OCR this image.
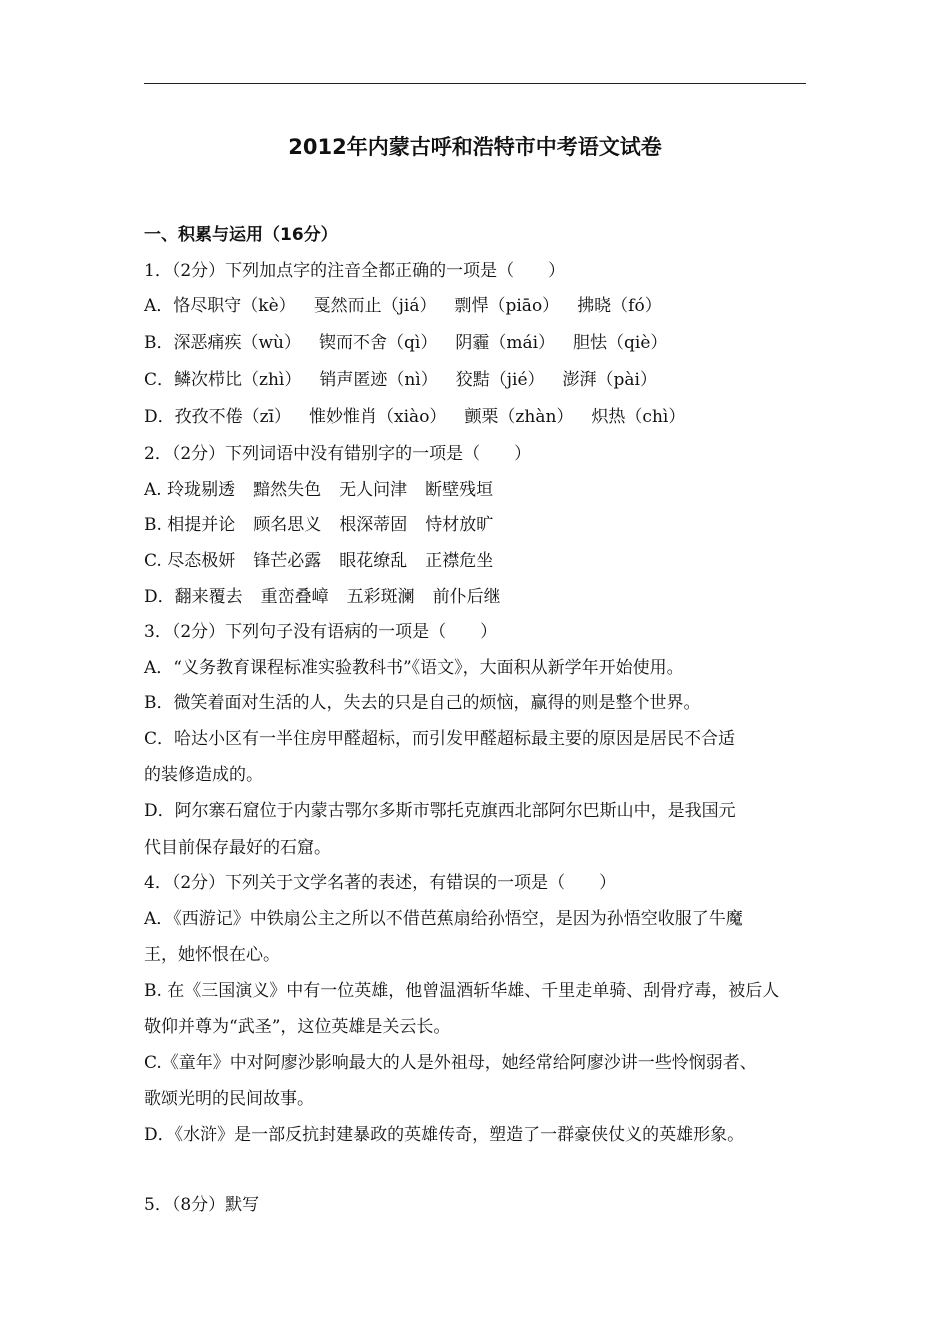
2012年内蒙古呼和浩特市中考语文试卷
一、积累与运用（16分）
1．（2分）下列加点字的注音全都正确的一项是（　　）
A．恪尽职守（kè） 戛然而止（jiá） 剽悍（piāo） 拂晓（fó）
B．深恶痛疾（wù） 锲而不舍（qì） 阴霾（mái） 胆怯（qiè）
C．鳞次栉比（zhì） 销声匿迹（nì） 狡黠（jié） 澎湃（pài）
D．孜孜不倦（zī） 惟妙惟肖（xiào） 颤栗（zhàn） 炽热（chì）
2．（2分）下列词语中没有错别字的一项是（　　）
A. 玲珑剔透 黯然失色 无人问津 断壁残垣
B. 相提并论 顾名思义 根深蒂固 恃材放旷
C. 尽态极妍 锋芒必露 眼花缭乱 正襟危坐
D．翻来覆去 重峦叠嶂 五彩斑澜 前仆后继
3．（2分）下列句子没有语病的一项是（　　）
A．“义务教育课程标准实验教科书”《语文》，大面积从新学年开始使用。
B．微笑着面对生活的人，失去的只是自己的烦恼，赢得的则是整个世界。
C．哈达小区有一半住房甲醛超标，而引发甲醛超标最主要的原因是居民不合适
的装修造成的。
D．阿尔寨石窟位于内蒙古鄂尔多斯市鄂托克旗西北部阿尔巴斯山中，是我国元
代目前保存最好的石窟。
4．（2分）下列关于文学名著的表述，有错误的一项是（　　）
A．《西游记》中铁扇公主之所以不借芭蕉扇给孙悟空，是因为孙悟空收服了牛魔
王，她怀恨在心。
B. 在《三国演义》中有一位英雄，他曾温酒斩华雄、千里走单骑、刮骨疗毒，被后人
敬仰并尊为“武圣”，这位英雄是关云长。
C.《童年》中对阿廖沙影响最大的人是外祖母，她经常给阿廖沙讲一些怜悯弱者、
歌颂光明的民间故事。
D．《水浒》是一部反抗封建暴政的英雄传奇，塑造了一群豪侠仗义的英雄形象。
5．（8分）默写
